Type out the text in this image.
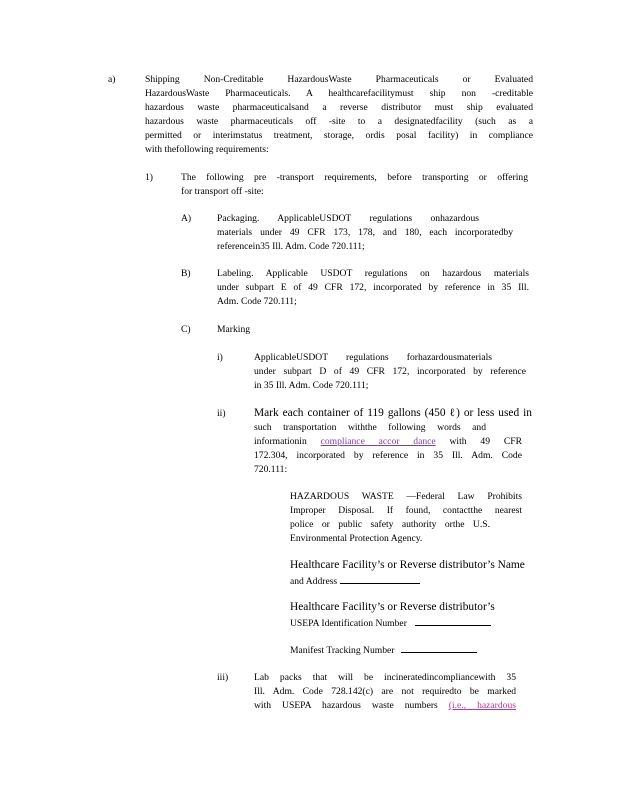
a)	Shipping Non-Creditable HazardousWaste Pharmaceuticals or Evaluated
HazardousWaste Pharmaceuticals. A healthcarefacilitymust ship non -creditable
hazardous waste pharmaceuticalsand a reverse distributor must ship evaluated
hazardous waste pharmaceuticals off -site to a designatedfacility (such as a
permitted or interimstatus treatment, storage, ordis posal facility) in compliance
with thefollowing requirements:
1)	The following pre -transport requirements, before transporting or offering
for transport off -site:
A)	Packaging. ApplicableUSDOT regulations onhazardous
materials under 49 CFR 173, 178, and 180, each incorporatedby
referencein35 Ill. Adm. Code 720.111;
B)	Labeling. Applicable USDOT regulations on hazardous materials
under subpart E of 49 CFR 172, incorporated by reference in 35 Ill.
Adm. Code 720.111;
C)	Marking
i)	ApplicableUSDOT regulations forhazardousmaterials
under subpart D of 49 CFR 172, incorporated by reference
in 35 Ill. Adm. Code 720.111;
ii) Mark each container of 119 gallons (450 ℓ) or less used in
such transportation withthe following words and
informationin compliance accor dance with 49 CFR
172.304, incorporated by reference in 35 Ill. Adm. Code
720.111:
HAZARDOUS WASTE —Federal Law Prohibits
Improper Disposal. If found, contactthe nearest
police or public safety authority orthe U.S.
Environmental Protection Agency.
Healthcare Facility’s or Reverse distributor’s Name
and Address
Healthcare Facility’s or Reverse distributor’s
USEPA Identification Number
Manifest Tracking Number
iii)	Lab packs that will be incineratedincompliancewith 35
Ill. Adm. Code 728.142(c) are not requiredto be marked
with USEPA hazardous waste numbers (i.e., hazardous
